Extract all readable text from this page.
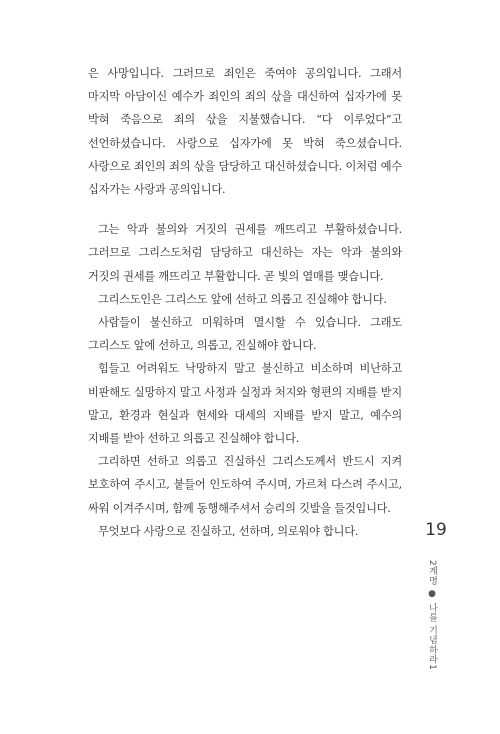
은 사망입니다. 그러므로 죄인은 죽여야 공의입니다. 그래서 마지막 아담이신 예수가 죄인의 죄의 삯을 대신하여 십자가에 못 박혀 죽음으로 죄의 삯을 지불했습니다. “다 이루었다”고 선언하셨습니다. 사랑으로 십자가에 못 박혀 죽으셨습니다. 사랑으로 죄인의 죄의 삯을 담당하고 대신하셨습니다. 이처럼 예수 십자가는 사랑과 공의입니다.

그는 악과 불의와 거짓의 권세를 깨뜨리고 부활하셨습니다. 그러므로 그리스도처럼 담당하고 대신하는 자는 악과 불의와 거짓의 권세를 깨뜨리고 부활합니다. 곧 빛의 열매를 맺습니다.

그리스도인은 그리스도 앞에 선하고 의롭고 진실해야 합니다.

사람들이 불신하고 미워하며 멸시할 수 있습니다. 그래도 그리스도 앞에 선하고, 의롭고, 진실해야 합니다.

힘들고 어려워도 낙망하지 말고 불신하고 비소하며 비난하고 비판해도 실망하지 말고 사정과 실정과 처지와 형편의 지배를 받지 말고, 환경과 현실과 현세와 대세의 지배를 받지 말고, 예수의 지배를 받아 선하고 의롭고 진실해야 합니다.

그리하면 선하고 의롭고 진실하신 그리스도께서 반드시 지켜 보호하여 주시고, 붙들어 인도하여 주시며, 가르쳐 다스려 주시고, 싸워 이겨주시며, 함께 동행해주셔서 승리의 깃발을 들것입니다.

무엇보다 사랑으로 진실하고, 선하며, 의로워야 합니다.	19
2계명 ● 나를 기념하라1
